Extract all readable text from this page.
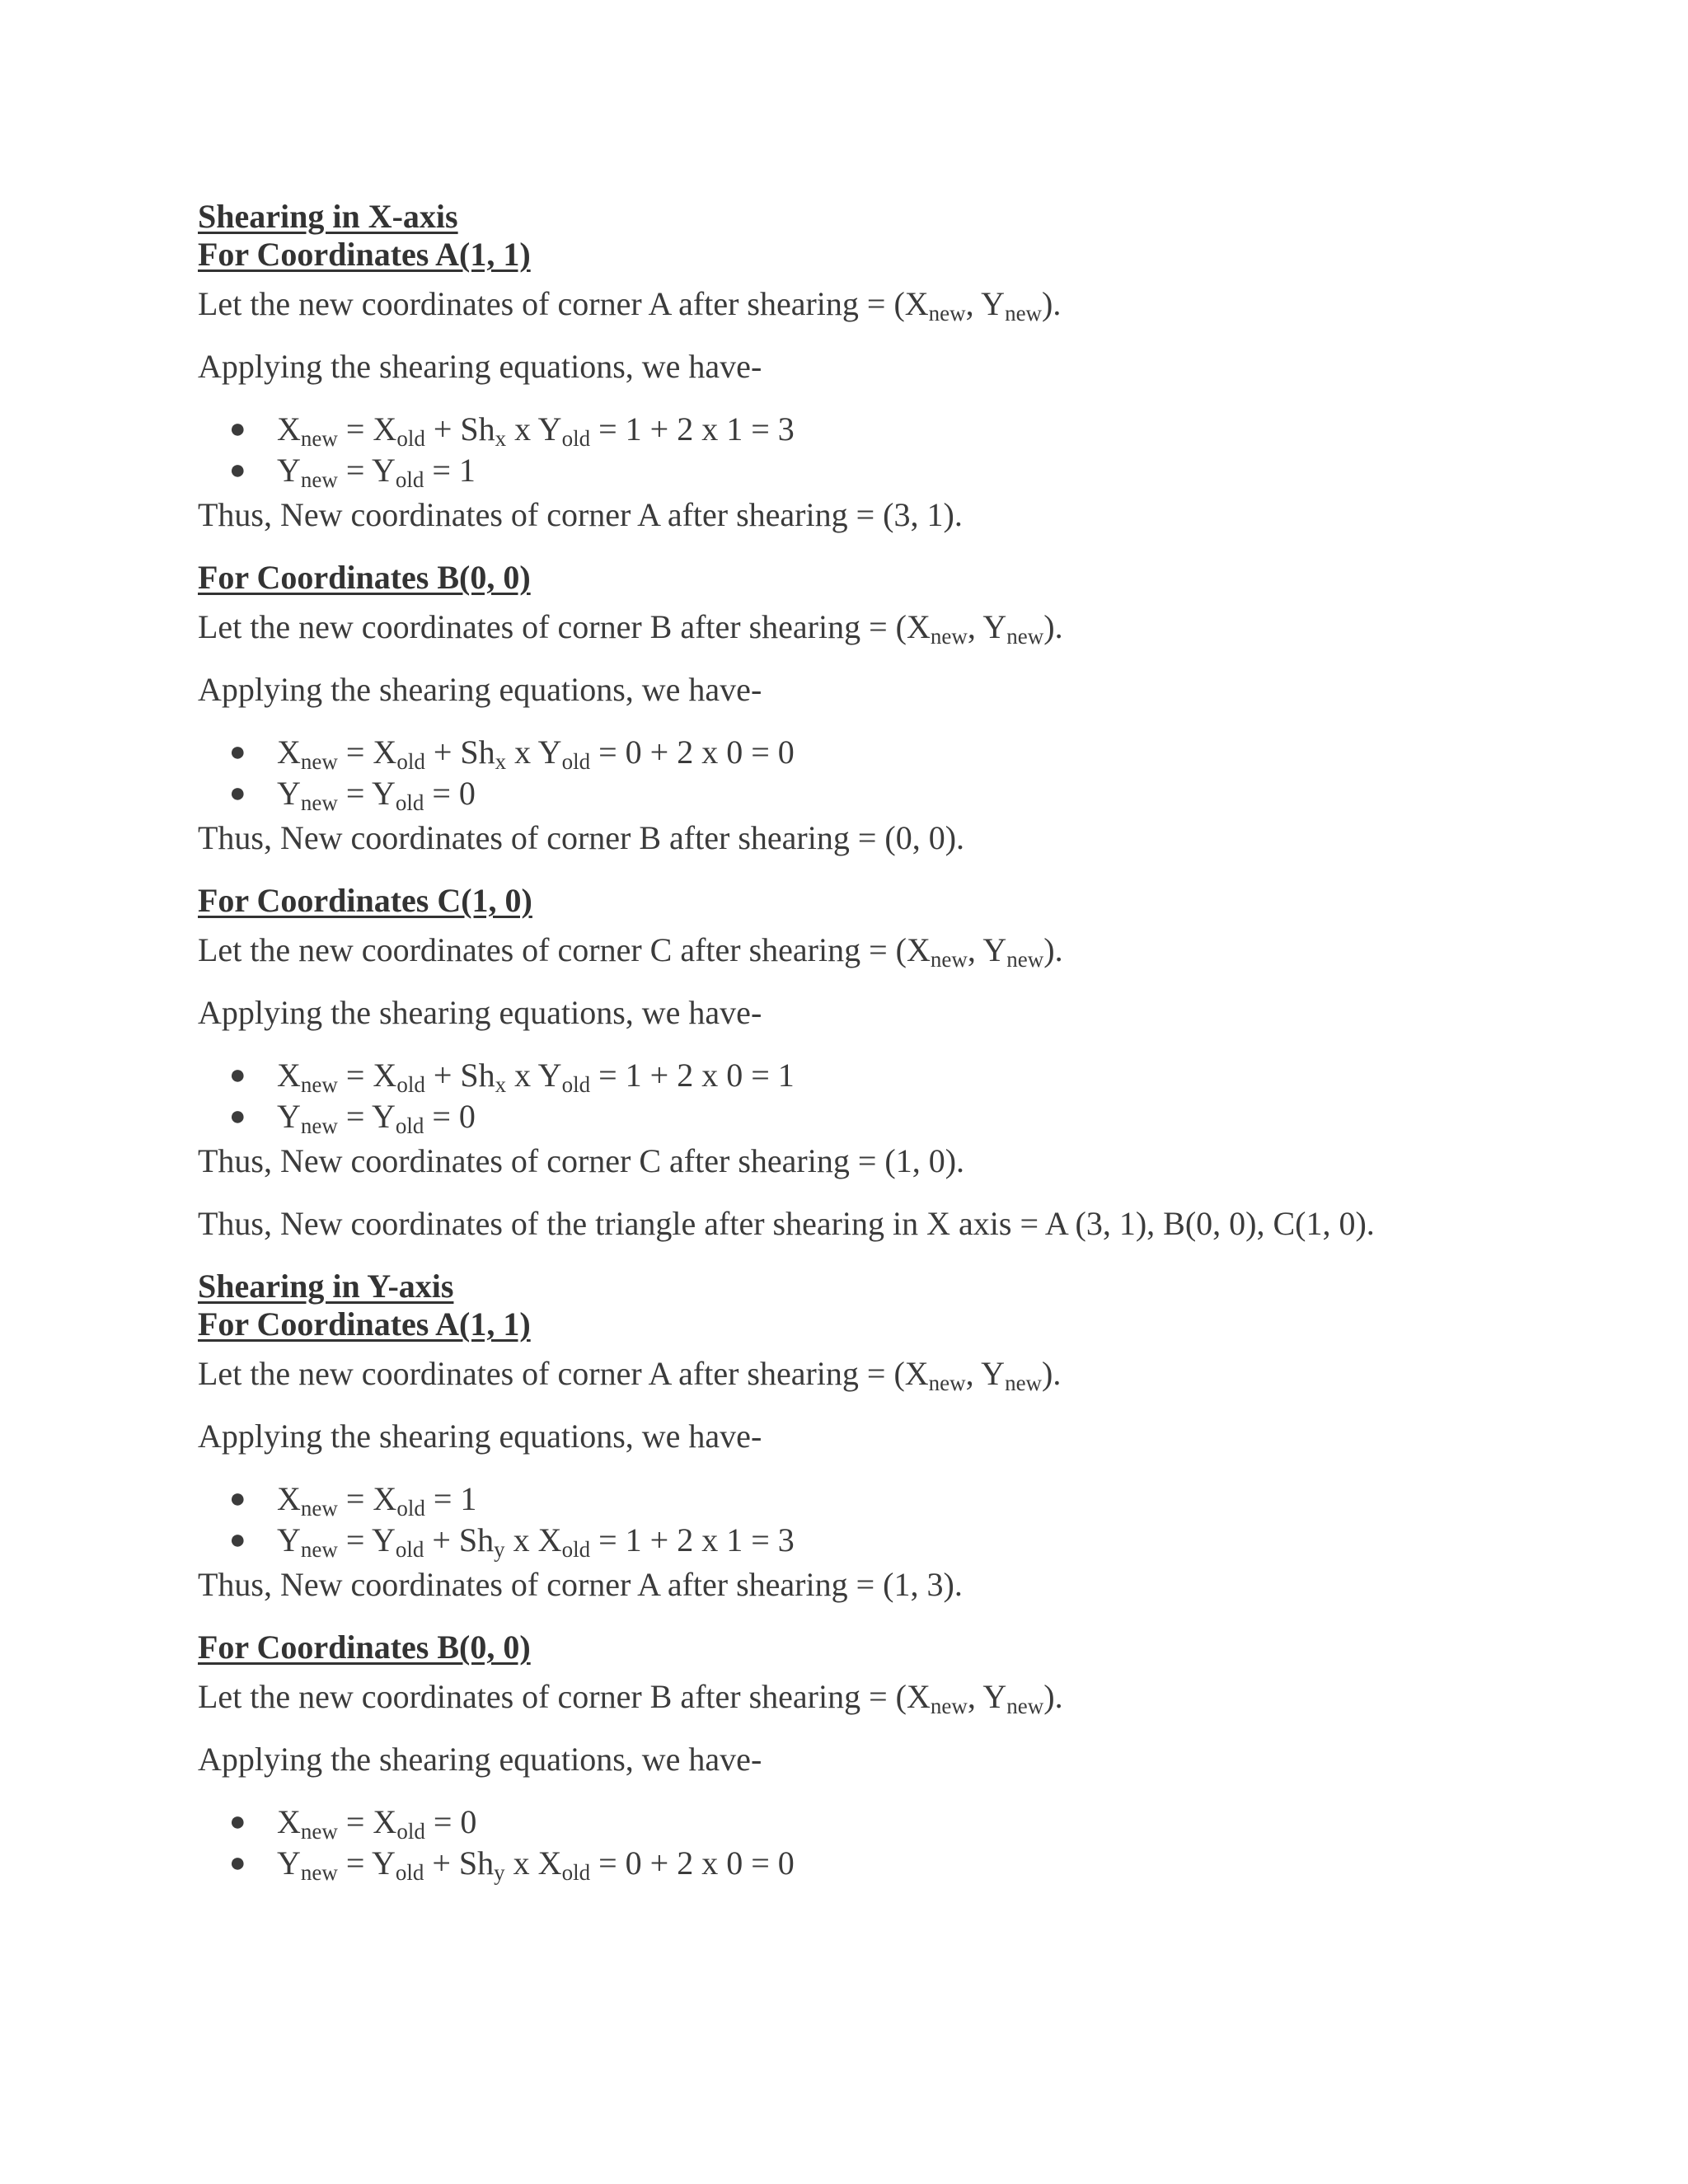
Shearing in X-axis
For Coordinates A(1, 1)
Let the new coordinates of corner A after shearing = ($X_{new}$, $Y_{new}$).
Applying the shearing equations, we have-
● $X_{new} = X_{old} + Sh_x$ x $Y_{old} = 1 + 2$ x 1 = 3
● $Y_{new} = Y_{old} = 1$
Thus, New coordinates of corner A after shearing = (3, 1).
For Coordinates B(0, 0)
Let the new coordinates of corner B after shearing = ($X_{new}$, $Y_{new}$).
Applying the shearing equations, we have-
● $X_{new} = X_{old} + Sh_x$ x $Y_{old} = 0 + 2$ x 0 = 0
● $Y_{new} = Y_{old} = 0$
Thus, New coordinates of corner B after shearing = (0, 0).
For Coordinates C(1, 0)
Let the new coordinates of corner C after shearing = ($X_{new}$, $Y_{new}$).
Applying the shearing equations, we have-
● $X_{new} = X_{old} + Sh_x$ x $Y_{old} = 1 + 2$ x 0 = 1
● $Y_{new} = Y_{old} = 0$
Thus, New coordinates of corner C after shearing = (1, 0).
Thus, New coordinates of the triangle after shearing in X axis = A (3, 1), B(0, 0), C(1, 0).
Shearing in Y-axis
For Coordinates A(1, 1)
Let the new coordinates of corner A after shearing = ($X_{new}$, $Y_{new}$).
Applying the shearing equations, we have-
● $X_{new} = X_{old} = 1$
● $Y_{new} = Y_{old} + Sh_y$ x $X_{old} = 1 + 2$ x 1 = 3
Thus, New coordinates of corner A after shearing = (1, 3).
For Coordinates B(0, 0)
Let the new coordinates of corner B after shearing = ($X_{new}$, $Y_{new}$).
Applying the shearing equations, we have-
● $X_{new} = X_{old} = 0$
● $Y_{new} = Y_{old} + Sh_y$ x $X_{old} = 0 + 2$ x 0 = 0
